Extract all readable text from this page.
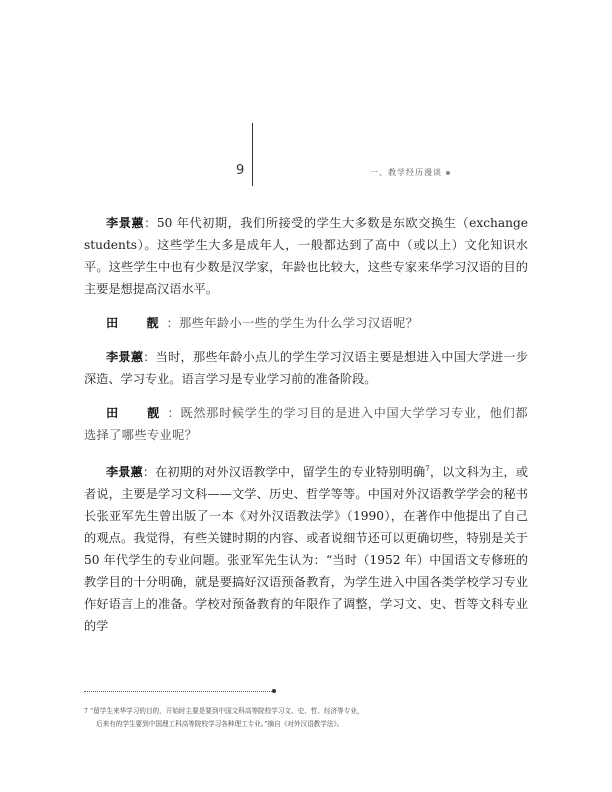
9	一、教学经历漫谈

李景蕙：50 年代初期，我们所接受的学生大多数是东欧交换生（exchange students）。这些学生大多是成年人，一般都达到了高中（或以上）文化知识水平。这些学生中也有少数是汉学家，年龄也比较大，这些专家来华学习汉语的目的主要是想提高汉语水平。

田　靓：那些年龄小一些的学生为什么学习汉语呢？

李景蕙：当时，那些年龄小点儿的学生学习汉语主要是想进入中国大学进一步深造、学习专业。语言学习是专业学习前的准备阶段。

田　靓：既然那时候学生的学习目的是进入中国大学学习专业，他们都选择了哪些专业呢？

李景蕙：在初期的对外汉语教学中，留学生的专业特别明确$^7$，以文科为主，或者说，主要是学习文科——文学、历史、哲学等等。中国对外汉语教学学会的秘书长张亚军先生曾出版了一本《对外汉语教法学》（1990），在著作中他提出了自己的观点。我觉得，有些关键时期的内容、或者说细节还可以更确切些，特别是关于 50 年代学生的专业问题。张亚军先生认为：“当时（1952 年）中国语文专修班的教学目的十分明确，就是要搞好汉语预备教育，为学生进入中国各类学校学习专业作好语言上的准备。学校对预备教育的年限作了调整，学习文、史、哲等文科专业的学

7 “留学生来华学习的目的，开始时主要是要到中国文科高等院校学习文、史、哲、经济等专业，
后来有的学生要到中国理工科高等院校学习各种理工专业。”摘自《对外汉语教学法》。
